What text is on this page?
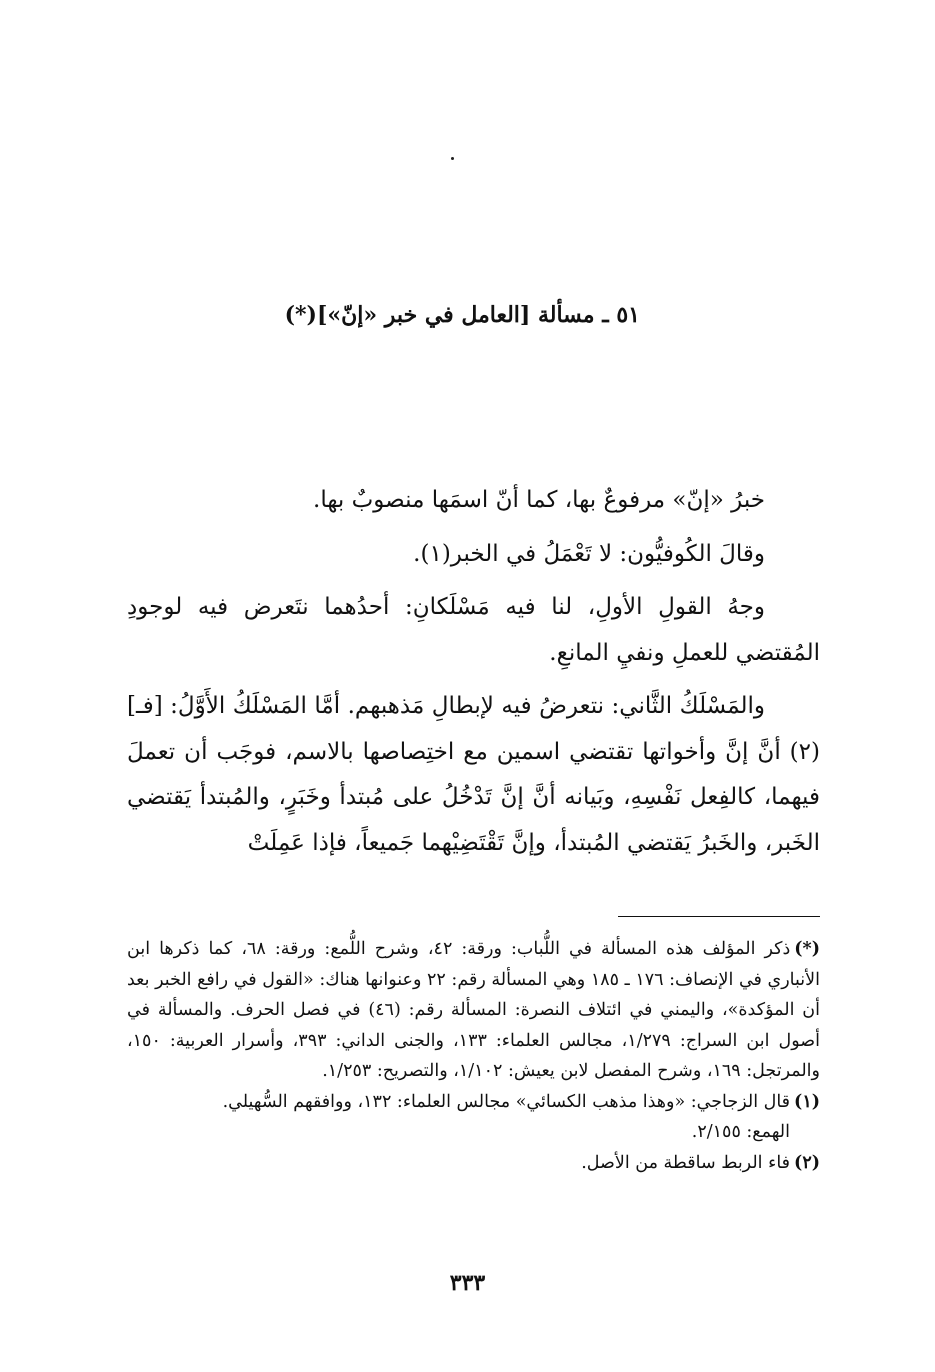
٥١ ـ مسألة [العامل في خبر «إنّ»](*)

خبرُ «إنّ» مرفوعٌ بها، كما أنّ اسمَها منصوبٌ بها.

وقالَ الكُوفيُّون: لا تَعْمَلُ في الخبر(١).

وجهُ القولِ الأولِ، لنا فيه مَسْلَكانِ: أحدُهما نتَعرض فيه لوجودِ المُقتضي للعملِ ونفيِ المانعِ.

والمَسْلَكُ الثَّاني: نتعرضُ فيه لإبطالِ مَذهبهم. أمَّا المَسْلَكُ الأَوَّلُ: [فـ](٢) أنَّ إنَّ وأخواتها تقتضي اسمين مع اختِصاصها بالاسم، فوجَب أن تعملَ فيهما، كالفِعل نَفْسِهِ، وبَيانه أنَّ إنَّ تَدْخُلُ على مُبتدأ وخَبَرٍ، والمُبتدأ يَقتضي الخَبر، والخَبرُ يَقتضي المُبتدأ، وإنَّ تَقْتَضِيْهما جَميعاً، فإذا عَمِلَتْ

(*)ذكر المؤلف هذه المسألة في اللُّباب: ورقة: ٤٢، وشرح اللُّمع: ورقة: ٦٨، كما ذكرها ابن الأنباري في الإنصاف: ١٧٦ ـ ١٨٥ وهي المسألة رقم: ٢٢ وعنوانها هناك: «القول في رافع الخبر بعد أن المؤكدة»، واليمني في ائتلاف النصرة: المسألة رقم: (٤٦) في فصل الحرف. والمسألة في أصول ابن السراج: ١/٢٧٩، مجالس العلماء: ١٣٣، والجنى الداني: ٣٩٣، وأسرار العربية: ١٥٠، والمرتجل: ١٦٩، وشرح المفصل لابن يعيش: ١/١٠٢، والتصريح: ١/٢٥٣.

(١)قال الزجاجي: «وهذا مذهب الكسائي» مجالس العلماء: ١٣٢، ووافقهم السُّهيلي.

الهمع: ٢/١٥٥.

(٢)فاء الربط ساقطة من الأصل.

٣٣٣
